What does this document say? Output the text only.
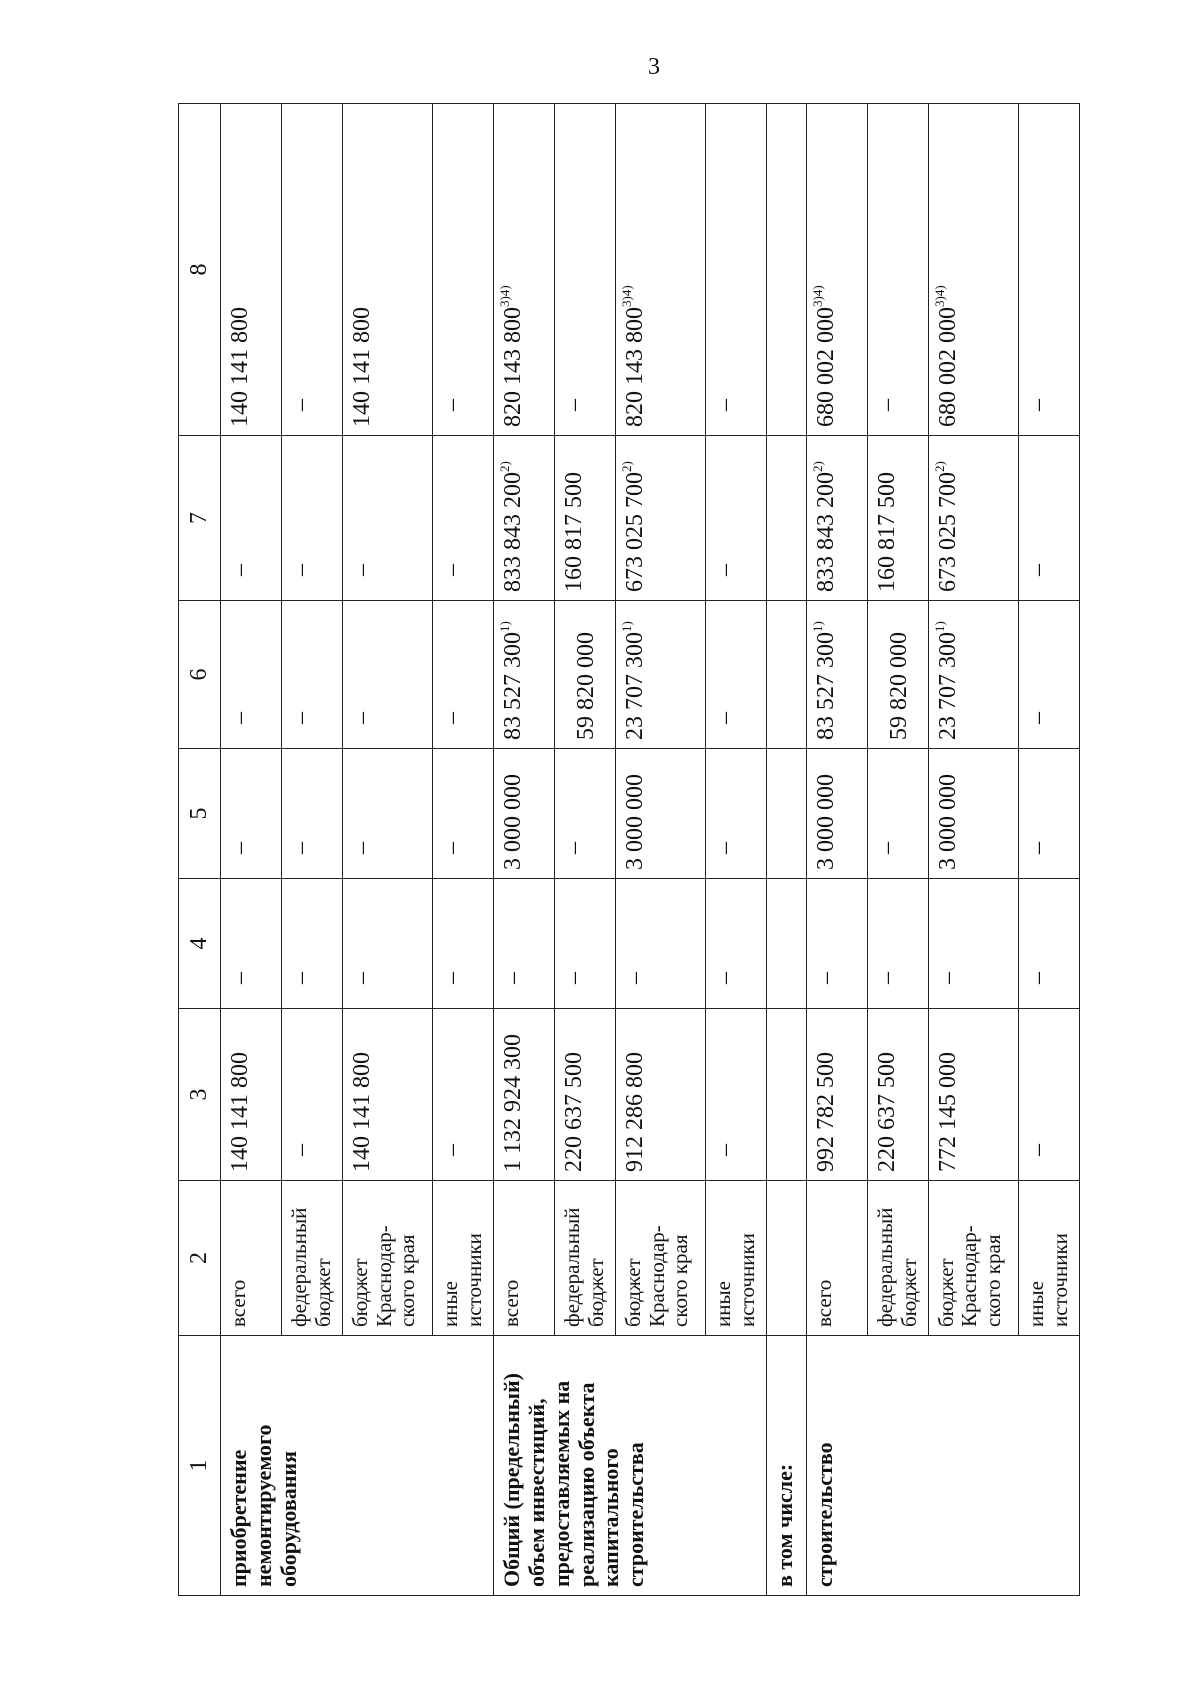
3
1	2	3	4	5	6	7	8
приобретение немонтируемого оборудования	всего	140 141 800	–	–	–	–	140 141 800
	федеральный бюджет	–	–	–	–	–	–
	бюджет Краснодар-ского края	140 141 800	–	–	–	–	140 141 800
	иные источники	–	–	–	–	–	–
Общий (предельный) объем инвестиций, предоставляемых на реализацию объекта капитального строительства	всего	1 132 924 300	–	3 000 000	83 527 300$^{1)}$	833 843 200$^{2)}$	820 143 $800^{3)4)}$
	федеральный бюджет	220 637 500	–	–	59 820 000	160 817 500	–
	бюджет Краснодар-ского края	912 286 800	–	3 000 000	23 707 300$^{1)}$	673 025 700$^{2)}$	820 143 $800^{3)4)}$
	иные источники	–	–	–	–	–	–
в том числе:							
строительство	всего	992 782 500	–	3 000 000	83 527 300$^{1)}$	833 843 200$^{2)}$	680 002 $000^{3)4)}$
	федеральный бюджет	220 637 500	–	–	59 820 000	160 817 500	–
	бюджет Краснодар-ского края	772 145 000	–	3 000 000	23 707 300$^{1)}$	673 025 700$^{2)}$	680 002 $000^{3)4)}$
	иные источники	–	–	–	–	–	–
